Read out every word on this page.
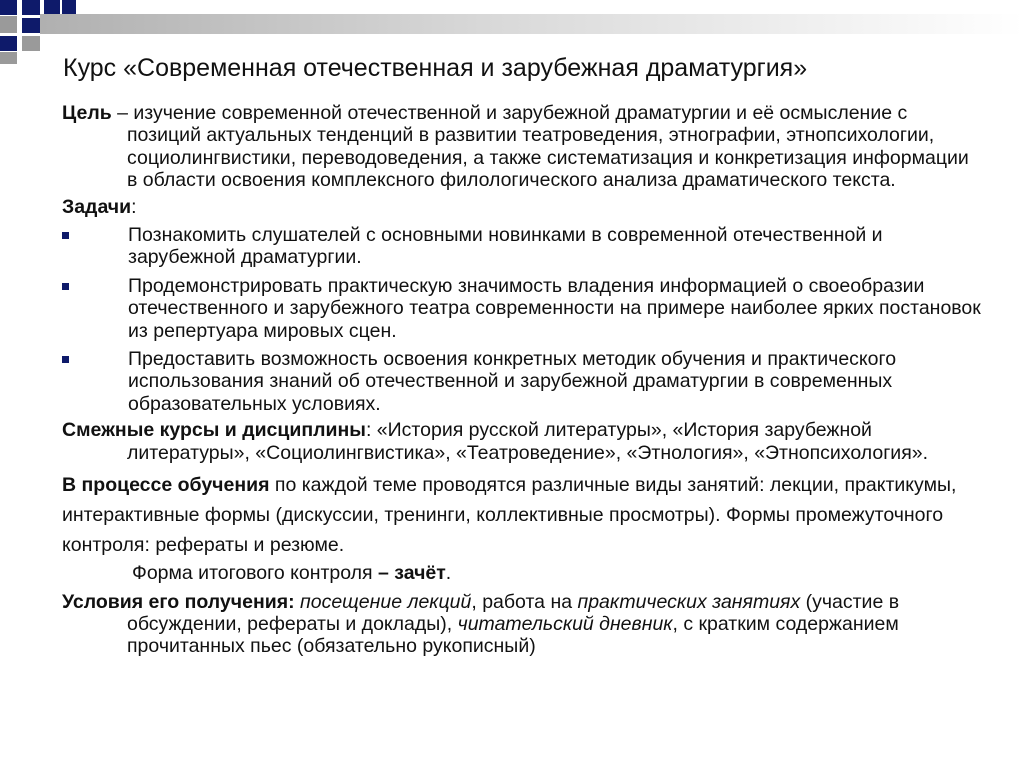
Курс «Современная отечественная и зарубежная драматургия»

Цель – изучение современной отечественной и зарубежной драматургии и её осмысление с позиций актуальных тенденций в развитии театроведения, этнографии, этнопсихологии, социолингвистики, переводоведения, а также систематизация и конкретизация информации в области освоения комплексного филологического анализа драматического текста.

Задачи:

Познакомить слушателей с основными новинками в современной отечественной и зарубежной драматургии.
Продемонстрировать практическую значимость владения информацией о своеобразии отечественного и зарубежного театра современности на примере наиболее ярких постановок из репертуара мировых сцен.
Предоставить возможность освоения конкретных методик обучения и практического использования знаний об отечественной и зарубежной драматургии в современных образовательных условиях.

Смежные курсы и дисциплины: «История русской литературы», «История зарубежной литературы», «Социолингвистика», «Театроведение», «Этнология», «Этнопсихология».

В процессе обучения по каждой теме проводятся различные виды занятий: лекции, практикумы, интерактивные формы (дискуссии, тренинги, коллективные просмотры). Формы промежуточного контроля: рефераты и резюме.

Форма итогового контроля – зачёт.

Условия его получения: посещение лекций, работа на практических занятиях (участие в обсуждении, рефераты и доклады), читательский дневник, с кратким содержанием прочитанных пьес (обязательно рукописный)
